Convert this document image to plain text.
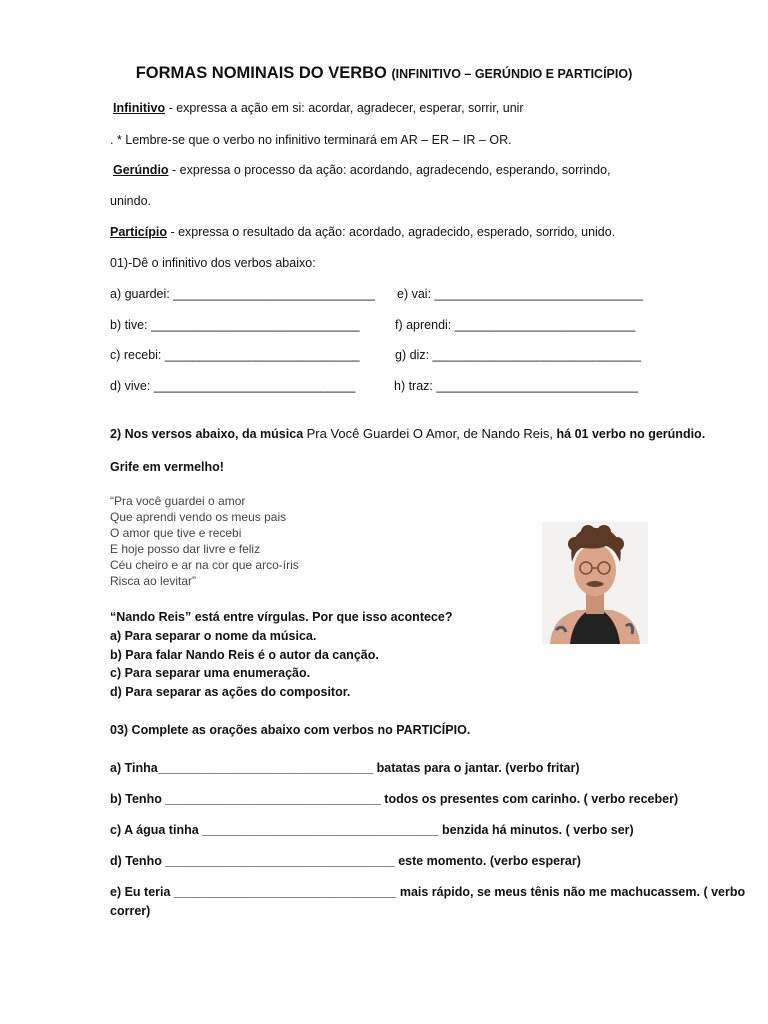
FORMAS NOMINAIS DO VERBO (INFINITIVO – GERÚNDIO E PARTICÍPIO)
Infinitivo - expressa a ação em si: acordar, agradecer, esperar, sorrir, unir
. * Lembre-se que o verbo no infinitivo terminará em AR – ER – IR – OR.
Gerúndio - expressa o processo da ação: acordando, agradecendo, esperando, sorrindo,
unindo.
Particípio - expressa o resultado da ação: acordado, agradecido, esperado, sorrido, unido.
01)-Dê o infinitivo dos verbos abaixo:
a) guardei: _____________________________ e) vai: ______________________________
b) tive: ______________________________	f) aprendi: __________________________
c) recebi: ____________________________	g) diz: ______________________________
d) vive: _____________________________	h) traz: _____________________________
2) Nos versos abaixo, da música Pra Você Guardei O Amor, de Nando Reis, há 01 verbo no gerúndio.
Grife em vermelho!
“Pra você guardei o amor
Que aprendi vendo os meus pais
O amor que tive e recebi
E hoje posso dar livre e feliz
Céu cheiro e ar na cor que arco-íris
Risca ao levitar”
“Nando Reis” está entre vírgulas. Por que isso acontece?
a) Para separar o nome da música.
b) Para falar Nando Reis é o autor da canção.
c) Para separar uma enumeração.
d) Para separar as ações do compositor.
03) Complete as orações abaixo com verbos no PARTICÍPIO.
a) Tinha_______________________________ batatas para o jantar. (verbo fritar)
b) Tenho _______________________________ todos os presentes com carinho. ( verbo receber)
c) A água tinha __________________________________ benzida há minutos. ( verbo ser)
d) Tenho _________________________________ este momento. (verbo esperar)
e) Eu teria ________________________________ mais rápido, se meus tênis não me machucassem. ( verbo
correr)
